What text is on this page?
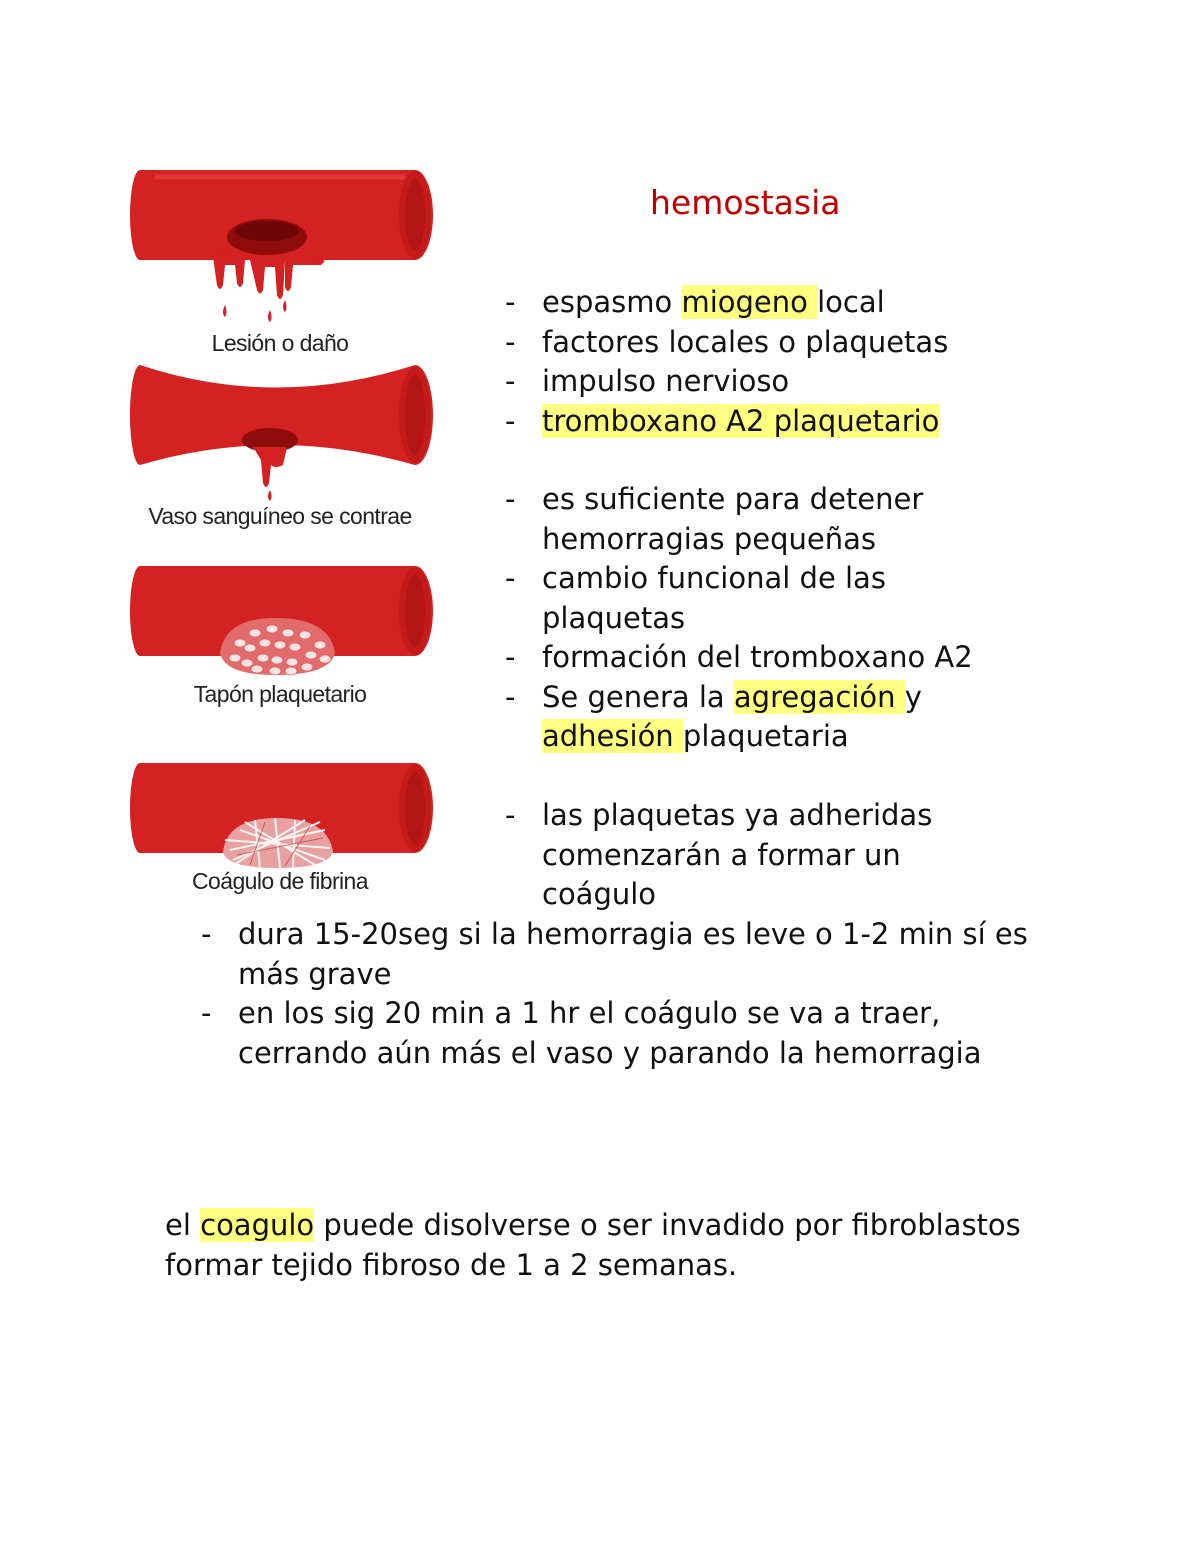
Lesión o daño
Vaso sanguíneo se contrae
Tapón plaquetario
Coágulo de fibrina
hemostasia
- espasmo miogeno local
- factores locales o plaquetas
- impulso nervioso
- tromboxano A2 plaquetario
- es suficiente para detener hemorragias pequeñas
- cambio funcional de las plaquetas
- formación del tromboxano A2
- Se genera la agregación y adhesión plaquetaria
- las plaquetas ya adheridas comenzarán a formar un coágulo
- dura 15-20seg si la hemorragia es leve o 1-2 min sí es más grave
- en los sig 20 min a 1 hr el coágulo se va a traer, cerrando aún más el vaso y parando la hemorragia

el coagulo puede disolverse o ser invadido por fibroblastos formar tejido fibroso de 1 a 2 semanas.
